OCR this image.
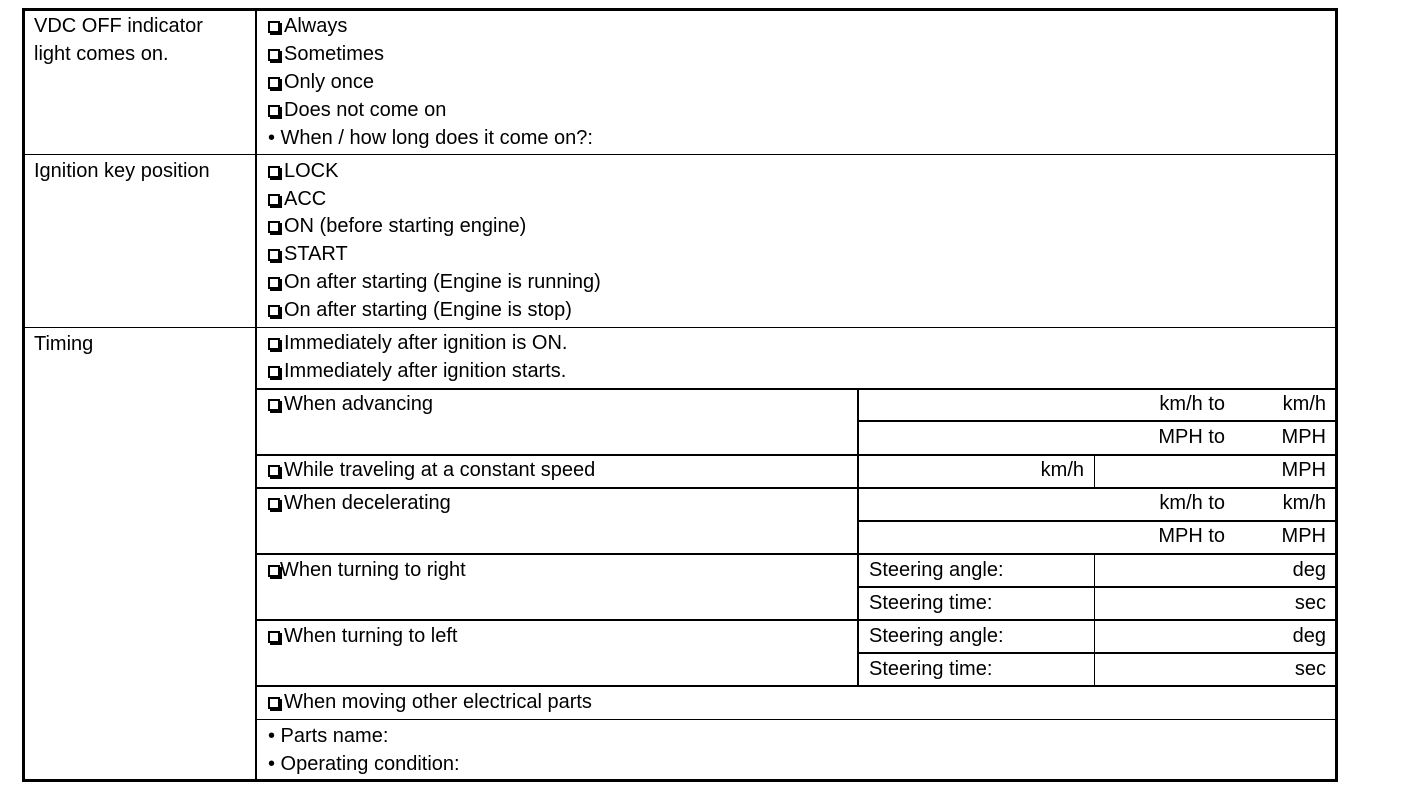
VDC OFF indicator
light comes on.
Always
Sometimes
Only once
Does not come on
• When / how long does it come on?:
Ignition key position	LOCK
ACC
ON (before starting engine)
START
On after starting (Engine is running)
On after starting (Engine is stop)
Timing	Immediately after ignition is ON.
Immediately after ignition starts.
When advancing	km/h to	km/h
MPH to	MPH
While traveling at a constant speed	km/h	MPH
When decelerating	km/h to	km/h
MPH to	MPH
When turning to right	Steering angle:	deg
Steering time:	sec
When turning to left	Steering angle:	deg
Steering time:	sec
When moving other electrical parts
• Parts name:
• Operating condition:
